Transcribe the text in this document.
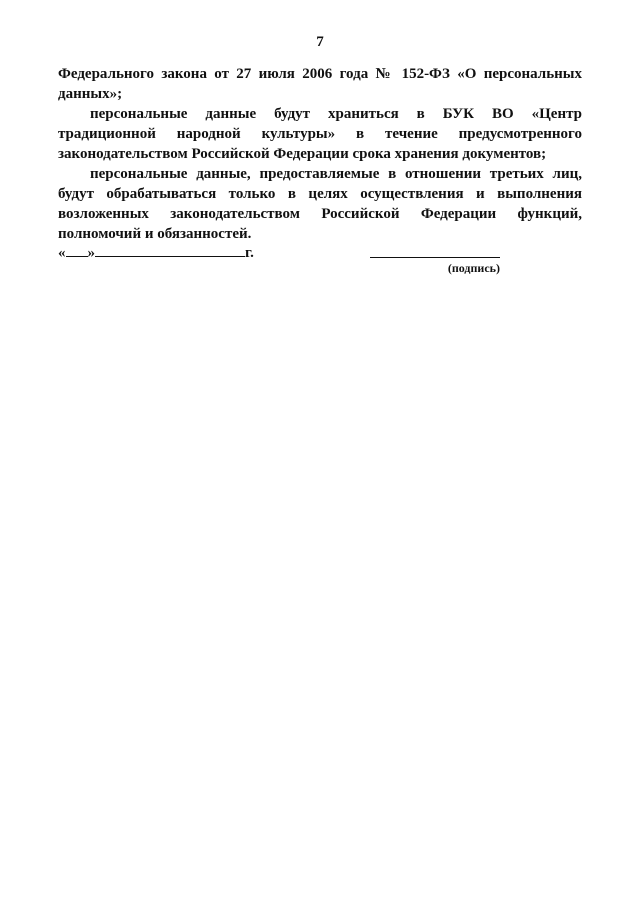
7

Федерального закона от 27 июля 2006 года № 152-ФЗ «О персональных данных»;

персональные данные будут храниться в БУК ВО «Центр традиционной народной культуры» в течение предусмотренного законодательством Российской Федерации срока хранения документов;

персональные данные, предоставляемые в отношении третьих лиц, будут обрабатываться только в целях осуществления и выполнения возложенных законодательством Российской Федерации функций, полномочий и обязанностей.

« »	г.
(подпись)
